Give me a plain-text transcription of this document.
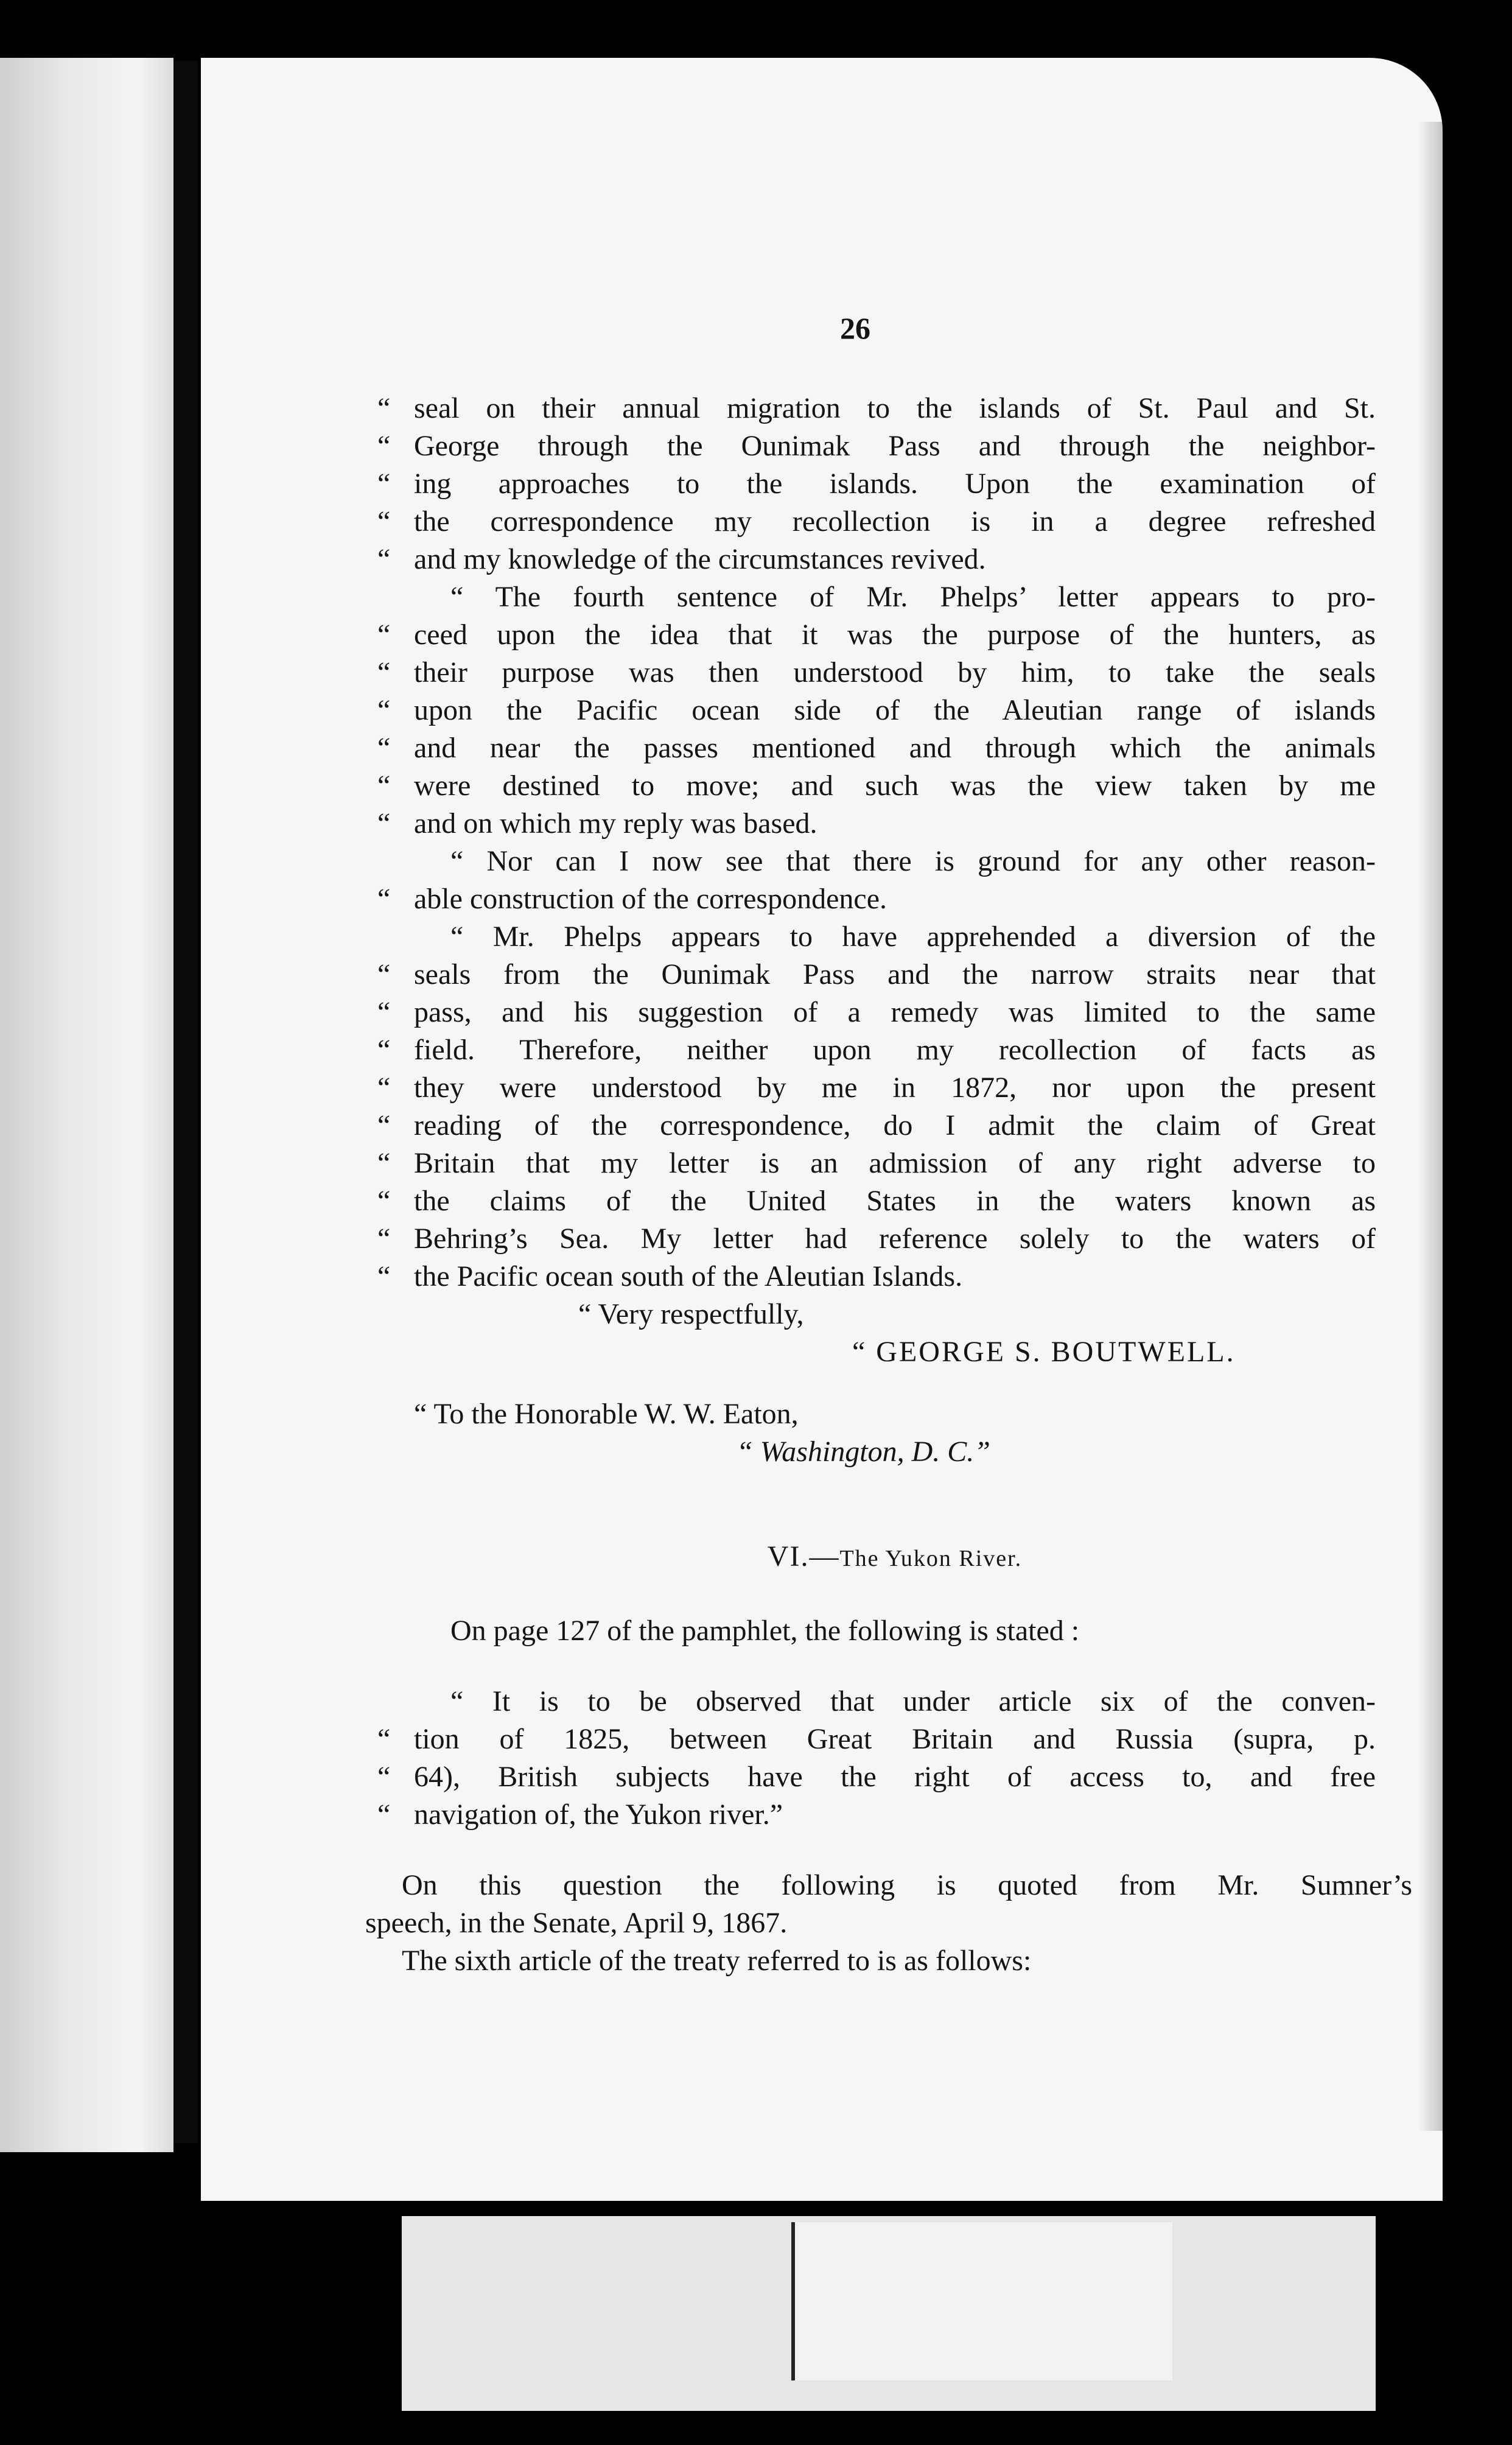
26
“ seal on their annual migration to the islands of St. Paul and St.
“ George through the Ounimak Pass and through the neighbor-
“ ing approaches to the islands. Upon the examination of
“ the correspondence my recollection is in a degree refreshed
“ and my knowledge of the circumstances revived.
“ The fourth sentence of Mr. Phelps’ letter appears to pro-
“ ceed upon the idea that it was the purpose of the hunters, as
“ their purpose was then understood by him, to take the seals
“ upon the Pacific ocean side of the Aleutian range of islands
“ and near the passes mentioned and through which the animals
“ were destined to move; and such was the view taken by me
“ and on which my reply was based.
“ Nor can I now see that there is ground for any other reason-
“ able construction of the correspondence.
“ Mr. Phelps appears to have apprehended a diversion of the
“ seals from the Ounimak Pass and the narrow straits near that
“ pass, and his suggestion of a remedy was limited to the same
“ field. Therefore, neither upon my recollection of facts as
“ they were understood by me in 1872, nor upon the present
“ reading of the correspondence, do I admit the claim of Great
“ Britain that my letter is an admission of any right adverse to
“ the claims of the United States in the waters known as
“ Behring’s Sea. My letter had reference solely to the waters of
“ the Pacific ocean south of the Aleutian Islands.
“ Very respectfully,
“ GEORGE S. BOUTWELL.
“ To the Honorable W. W. Eaton,
“ Washington, D. C.”
VI.—The Yukon River.
On page 127 of the pamphlet, the following is stated :
“ It is to be observed that under article six of the conven-
“ tion of 1825, between Great Britain and Russia (supra, p.
“ 64), British subjects have the right of access to, and free
“ navigation of, the Yukon river.”
On this question the following is quoted from Mr. Sumner’s
speech, in the Senate, April 9, 1867.
The sixth article of the treaty referred to is as follows:
